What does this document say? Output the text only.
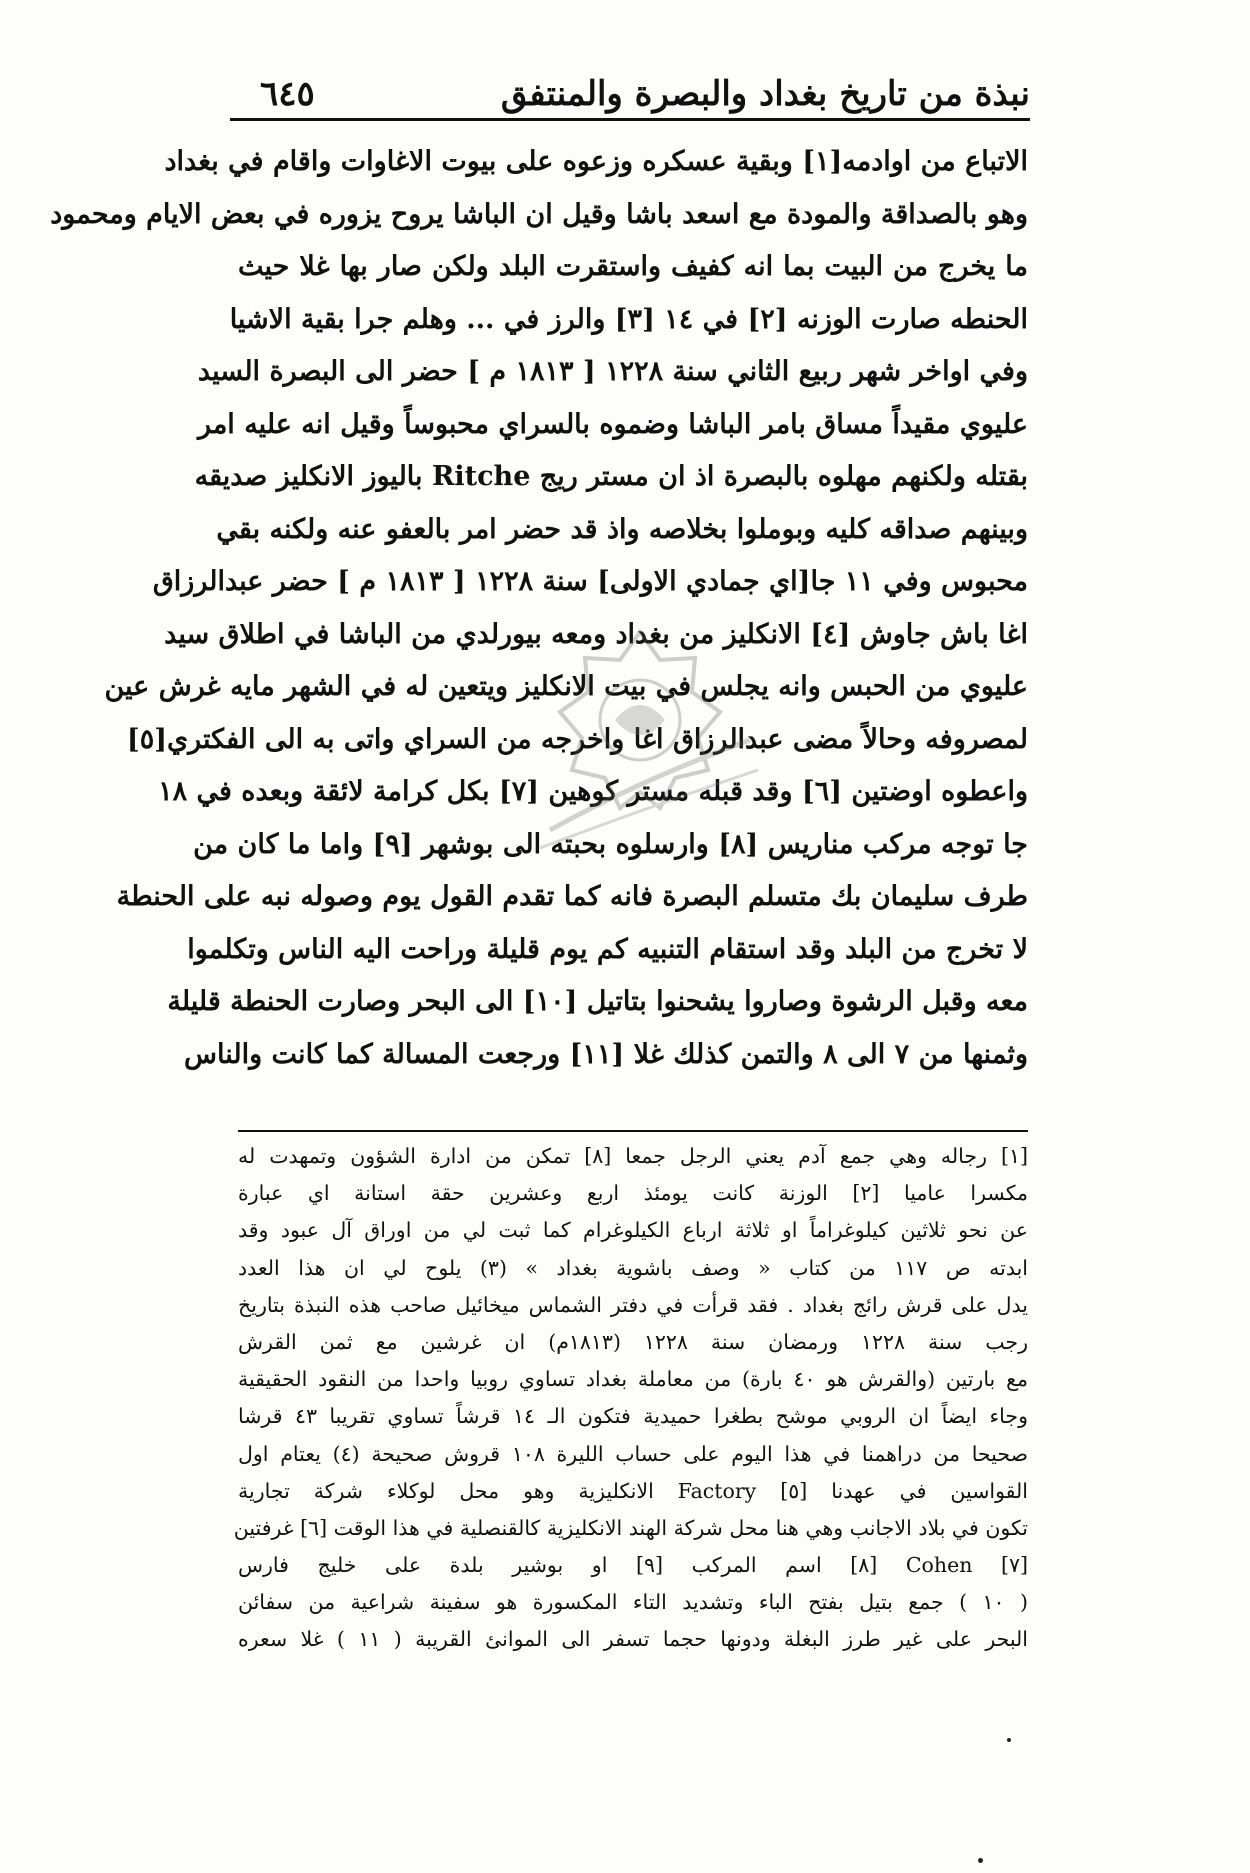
نبذة من تاريخ بغداد والبصرة والمنتفق
٦٤٥
الاتباع من اوادمه[١] وبقية عسكره وزعوه على بيوت الاغاوات واقام في بغداد
وهو بالصداقة والمودة مع اسعد باشا وقيل ان الباشا يروح يزوره في بعض الايام ومحمود
ما يخرج من البيت بما انه كفيف واستقرت البلد ولكن صار بها غلا حيث
الحنطه صارت الوزنه [٢] في ١٤ [٣] والرز في ... وهلم جرا بقية الاشيا
وفي اواخر شهر ربيع الثاني سنة ١٢٢٨ [ ١٨١٣ م ] حضر الى البصرة السيد
عليوي مقيداً مساق بامر الباشا وضموه بالسراي محبوساً وقيل انه عليه امر
بقتله ولكنهم مهلوه بالبصرة اذ ان مستر ريج Ritche باليوز الانكليز صديقه
وبينهم صداقه كليه وبوملوا بخلاصه واذ قد حضر امر بالعفو عنه ولكنه بقي
محبوس وفي ١١ جا[اي جمادي الاولى] سنة ١٢٢٨ [ ١٨١٣ م ] حضر عبدالرزاق
اغا باش جاوش [٤] الانكليز من بغداد ومعه بيورلدي من الباشا في اطلاق سيد
عليوي من الحبس وانه يجلس في بيت الانكليز ويتعين له في الشهر مايه غرش عين
لمصروفه وحالاً مضى عبدالرزاق اغا واخرجه من السراي واتى به الى الفكتري[٥]
واعطوه اوضتين [٦] وقد قبله مستر كوهين [٧] بكل كرامة لائقة وبعده في ١٨
جا توجه مركب مناريس [٨] وارسلوه بحبته الى بوشهر [٩] واما ما كان من
طرف سليمان بك متسلم البصرة فانه كما تقدم القول يوم وصوله نبه على الحنطة
لا تخرج من البلد وقد استقام التنبيه كم يوم قليلة وراحت اليه الناس وتكلموا
معه وقبل الرشوة وصاروا يشحنوا بتاتيل [١٠] الى البحر وصارت الحنطة قليلة
وثمنها من ٧ الى ٨ والتمن كذلك غلا [١١] ورجعت المسالة كما كانت والناس
[١] رجاله وهي جمع آدم يعني الرجل جمعا [٨] تمكن من ادارة الشؤون وتمهدت له
مكسرا عاميا [٢] الوزنة كانت يومئذ اربع وعشرين حقة استانة اي عبارة
عن نحو ثلاثين كيلوغراماً او ثلاثة ارباع الكيلوغرام كما ثبت لي من اوراق آل عبود وقد
ابدته ص ١١٧ من كتاب « وصف باشوية بغداد » (٣) يلوح لي ان هذا العدد
يدل على قرش رائج بغداد . فقد قرأت في دفتر الشماس ميخائيل صاحب هذه النبذة بتاريخ
رجب سنة ١٢٢٨ ورمضان سنة ١٢٢٨ (١٨١٣م) ان غرشين مع ثمن القرش
مع بارتين (والقرش هو ٤٠ بارة) من معاملة بغداد تساوي روبيا واحدا من النقود الحقيقية
وجاء ايضاً ان الروبي موشح بطغرا حميدية فتكون الـ ١٤ قرشاً تساوي تقريبا ٤٣ قرشا
صحيحا من دراهمنا في هذا اليوم على حساب الليرة ١٠٨ قروش صحيحة (٤) يعتام اول
القواسين في عهدنا [٥] Factory الانكليزية وهو محل لوكلاء شركة تجارية
تكون في بلاد الاجانب وهي هنا محل شركة الهند الانكليزية كالقنصلية في هذا الوقت [٦] غرفتين
[٧] Cohen [٨] اسم المركب [٩] او بوشير بلدة على خليج فارس
( ١٠ ) جمع بتيل بفتح الباء وتشديد التاء المكسورة هو سفينة شراعية من سفائن
البحر على غير طرز البغلة ودونها حجما تسفر الى الموانئ القريبة ( ١١ ) غلا سعره
